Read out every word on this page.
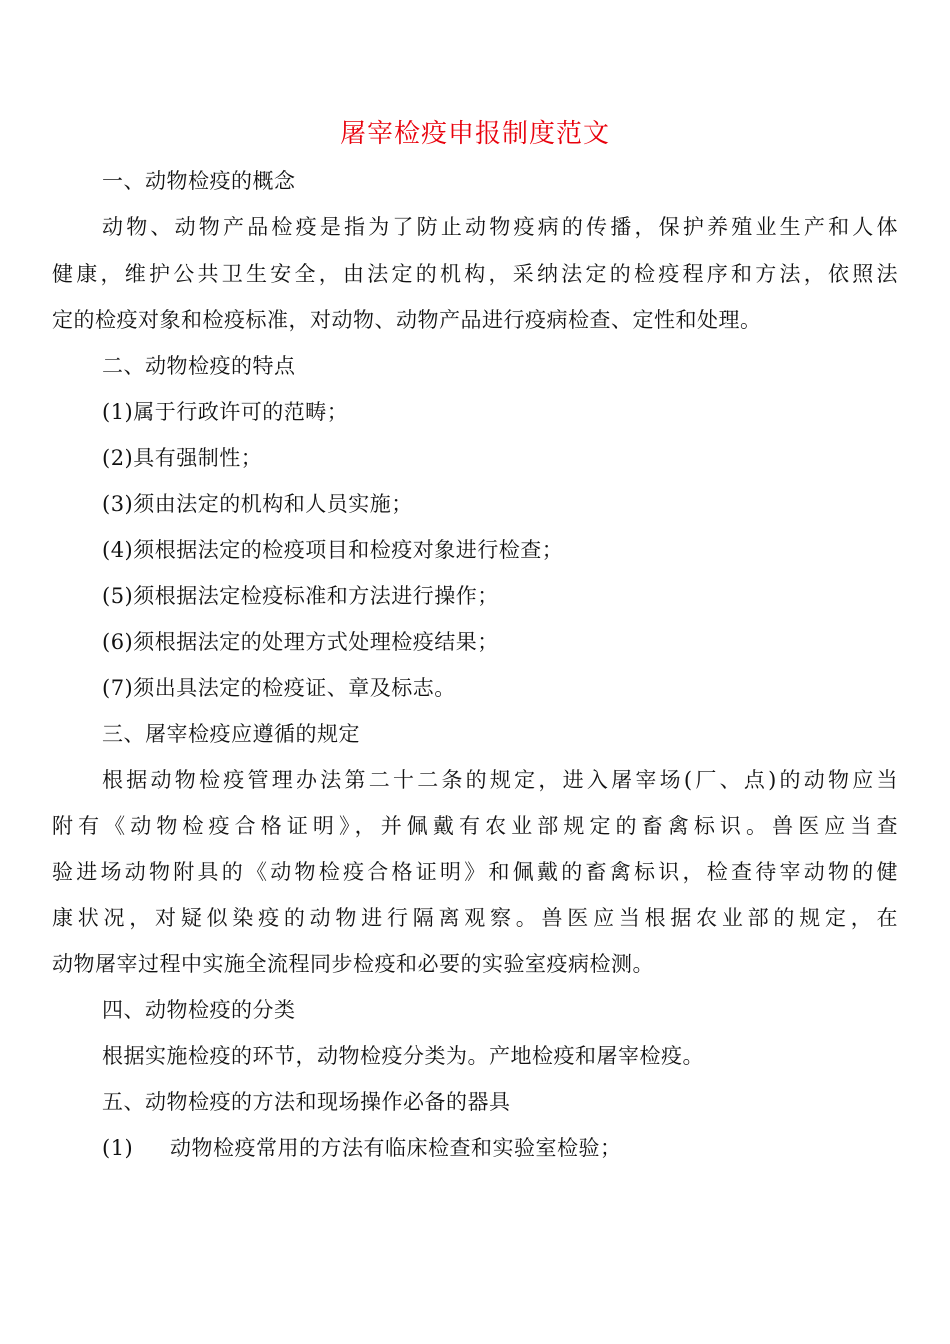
屠宰检疫申报制度范文
一、动物检疫的概念
动物、动物产品检疫是指为了防止动物疫病的传播，保护养殖业生产和人体
健康，维护公共卫生安全，由法定的机构，采纳法定的检疫程序和方法，依照法
定的检疫对象和检疫标准，对动物、动物产品进行疫病检查、定性和处理。
二、动物检疫的特点
(1)属于行政许可的范畴；
(2)具有强制性；
(3)须由法定的机构和人员实施；
(4)须根据法定的检疫项目和检疫对象进行检查；
(5)须根据法定检疫标准和方法进行操作；
(6)须根据法定的处理方式处理检疫结果；
(7)须出具法定的检疫证、章及标志。
三、屠宰检疫应遵循的规定
根据动物检疫管理办法第二十二条的规定，进入屠宰场(厂、点)的动物应当
附有《动物检疫合格证明》，并佩戴有农业部规定的畜禽标识。兽医应当查
验进场动物附具的《动物检疫合格证明》和佩戴的畜禽标识，检查待宰动物的健
康状况，对疑似染疫的动物进行隔离观察。兽医应当根据农业部的规定，在
动物屠宰过程中实施全流程同步检疫和必要的实验室疫病检测。
四、动物检疫的分类
根据实施检疫的环节，动物检疫分类为。产地检疫和屠宰检疫。
五、动物检疫的方法和现场操作必备的器具
(1) 动物检疫常用的方法有临床检查和实验室检验；
